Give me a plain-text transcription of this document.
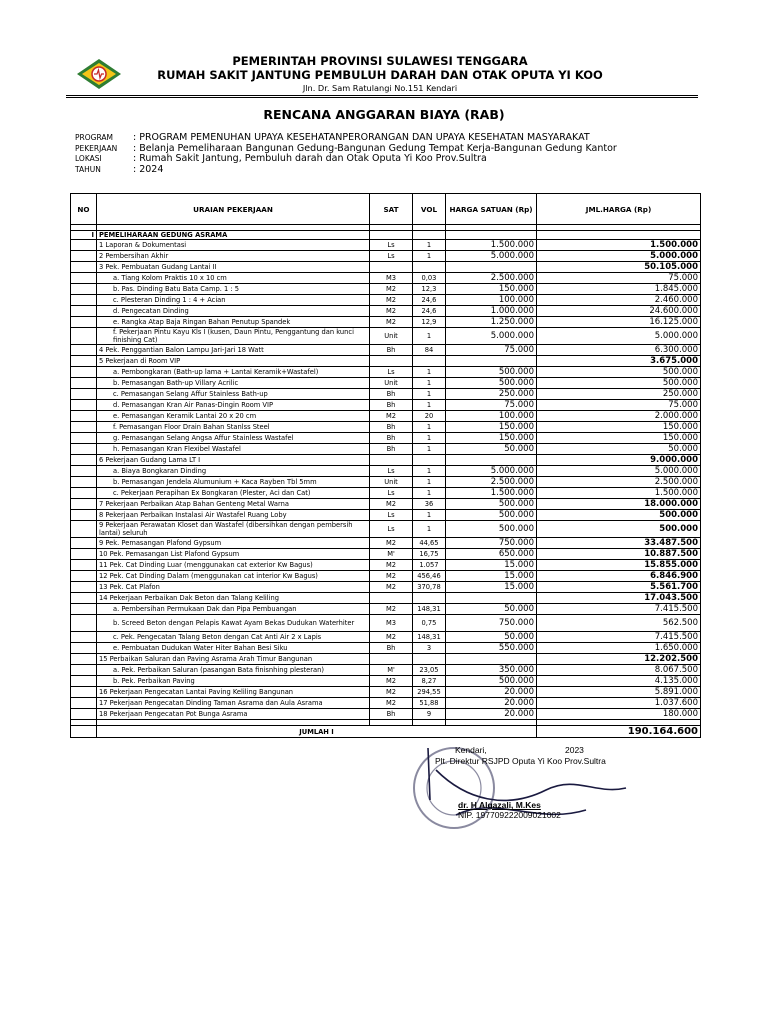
PEMERINTAH PROVINSI SULAWESI TENGGARA
RUMAH SAKIT JANTUNG PEMBULUH DARAH DAN OTAK OPUTA YI KOO
Jln. Dr. Sam Ratulangi No.151 Kendari
RENCANA ANGGARAN BIAYA (RAB)
PROGRAM	: PROGRAM PEMENUHAN UPAYA KESEHATANPERORANGAN DAN UPAYA KESEHATAN MASYARAKAT
PEKERJAAN	: Belanja Pemeliharaan Bangunan Gedung-Bangunan Gedung Tempat Kerja-Bangunan Gedung Kantor
LOKASI	: Rumah Sakit Jantung, Pembuluh darah dan Otak Oputa Yi Koo Prov.Sultra
TAHUN	: 2024
NO	URAIAN PEKERJAAN	SAT	VOL	HARGA SATUAN (Rp)	JML.HARGA (Rp)

I	PEMELIHARAAN GEDUNG ASRAMA				
	1 Laporan & Dokumentasi	Ls	1	1.500.000	1.500.000
	2 Pembersihan Akhir	Ls	1	5.000.000	5.000.000
	3 Pek. Pembuatan Gudang Lantai II				50.105.000
	a. Tiang Kolom Praktis 10 x 10 cm	M3	0,03	2.500.000	75.000
	b. Pas. Dinding Batu Bata Camp. 1 : 5	M2	12,3	150.000	1.845.000
	c. Plesteran Dinding 1 : 4 + Acian	M2	24,6	100.000	2.460.000
	d. Pengecatan Dinding	M2	24,6	1.000.000	24.600.000
	e. Rangka Atap Baja Ringan Bahan Penutup Spandek	M2	12,9	1.250.000	16.125.000
	f. Pekerjaan Pintu Kayu Kls I (kusen, Daun Pintu, Penggantung dan kunci finishing Cat)	Unit	1	5.000.000	5.000.000
	4 Pek. Penggantian Balon Lampu Jari-Jari 18 Watt	Bh	84	75.000	6.300.000
	5 Pekerjaan di Room VIP				3.675.000
	a. Pembongkaran (Bath-up lama + Lantai Keramik+Wastafel)	Ls	1	500.000	500.000
	b. Pemasangan Bath-up Villary Acrilic	Unit	1	500.000	500.000
	c. Pemasangan Selang Affur Stainless Bath-up	Bh	1	250.000	250.000
	d. Pemasangan Kran Air Panas-Dingin Room VIP	Bh	1	75.000	75.000
	e. Pemasangan Keramik Lantai 20 x 20 cm	M2	20	100.000	2.000.000
	f. Pemasangan Floor Drain Bahan Stanlss Steel	Bh	1	150.000	150.000
	g. Pemasangan Selang Angsa Affur Stainless Wastafel	Bh	1	150.000	150.000
	h. Pemasangan Kran Flexibel Wastafel	Bh	1	50.000	50.000
	6 Pekerjaan Gudang Lama LT I				9.000.000
	a. Biaya Bongkaran Dinding	Ls	1	5.000.000	5.000.000
	b. Pemasangan Jendela Alumunium + Kaca Rayben Tbl 5mm	Unit	1	2.500.000	2.500.000
	c. Pekerjaan Perapihan Ex Bongkaran (Plester, Aci dan Cat)	Ls	1	1.500.000	1.500.000
	7 Pekerjaan Perbaikan Atap Bahan Genteng Metal Warna	M2	36	500.000	18.000.000
	8 Pekerjaan Perbaikan Instalasi Air Wastafel Ruang Loby	Ls	1	500.000	500.000
	9 Pekerjaan Perawatan Kloset dan Wastafel (dibersihkan dengan pembersih lantai) seluruh	Ls	1	500.000	500.000
	9 Pek. Pemasangan Plafond Gypsum	M2	44,65	750.000	33.487.500
	10 Pek. Pemasangan List Plafond Gypsum	M'	16,75	650.000	10.887.500
	11 Pek. Cat Dinding Luar (menggunakan cat exterior Kw Bagus)	M2	1.057	15.000	15.855.000
	12 Pek. Cat Dinding Dalam (menggunakan cat interior Kw Bagus)	M2	456,46	15.000	6.846.900
	13 Pek. Cat Plafon	M2	370,78	15.000	5.561.700
	14 Pekerjaan Perbaikan Dak Beton dan Talang Keliling				17.043.500
	a. Pembersihan Permukaan Dak dan Pipa Pembuangan	M2	148,31	50.000	7.415.500
	b. Screed Beton dengan Pelapis Kawat Ayam Bekas Dudukan Waterhiter	M3	0,75	750.000	562.500
	c. Pek. Pengecatan Talang Beton dengan Cat Anti Air 2 x Lapis	M2	148,31	50.000	7.415.500
	e. Pembuatan Dudukan Water Hiter Bahan Besi Siku	Bh	3	550.000	1.650.000
	15 Perbaikan Saluran dan Paving Asrama Arah Timur Bangunan				12.202.500
	a. Pek. Perbaikan Saluran (pasangan Bata finisnhing plesteran)	M'	23,05	350.000	8.067.500
	b. Pek. Perbaikan Paving	M2	8,27	500.000	4.135.000
	16 Pekerjaan Pengecatan Lantai Paving Keliling Bangunan	M2	294,55	20.000	5.891.000
	17 Pekerjaan Pengecatan Dinding Taman Asrama dan Aula Asrama	M2	51,88	20.000	1.037.600
	18 Pekerjaan Pengecatan Pot Bunga Asrama	Bh	9	20.000	180.000

	JUMLAH I				190.164.600
Kendari,	2023
Plt. Direktur RSJPD Oputa Yi Koo Prov.Sultra
dr. H Algazali, M.Kes
NIP. 197709222009021002
